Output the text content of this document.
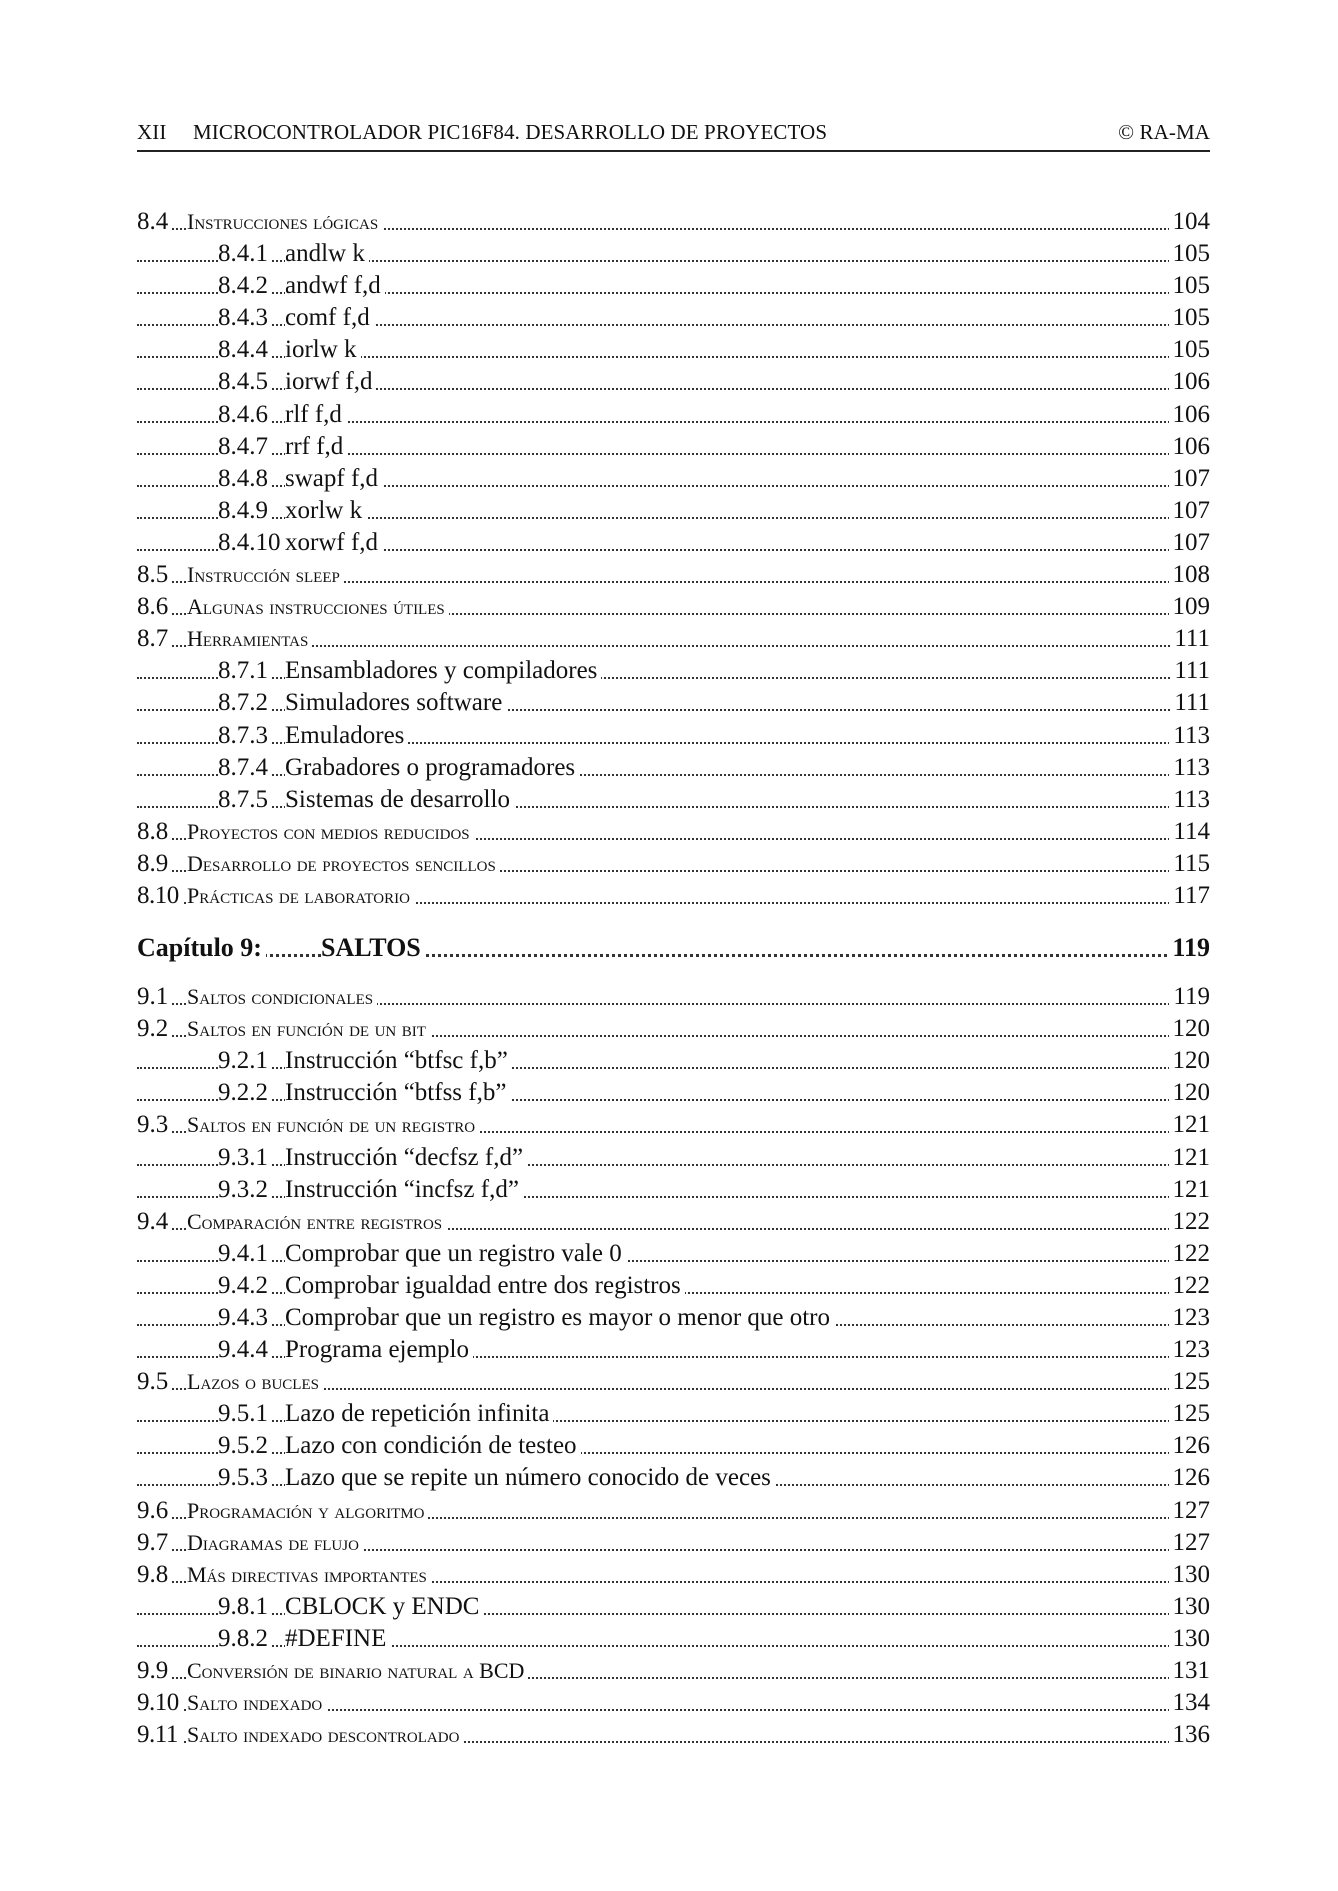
XII MICROCONTROLADOR PIC16F84. DESARROLLO DE PROYECTOS	© RA-MA
8.4 Instrucciones lógicas	104
8.4.1 andlw k	105
8.4.2 andwf f,d	105
8.4.3 comf f,d	105
8.4.4 iorlw k	105
8.4.5 iorwf f,d	106
8.4.6 rlf f,d	106
8.4.7 rrf f,d	106
8.4.8 swapf f,d	107
8.4.9 xorlw k	107
8.4.10 xorwf f,d	107
8.5 Instrucción sleep	108
8.6 Algunas instrucciones útiles	109
8.7 Herramientas	111
8.7.1 Ensambladores y compiladores	111
8.7.2 Simuladores software	111
8.7.3 Emuladores	113
8.7.4 Grabadores o programadores	113
8.7.5 Sistemas de desarrollo	113
8.8 Proyectos con medios reducidos	114
8.9 Desarrollo de proyectos sencillos	115
8.10 Prácticas de laboratorio	117
Capítulo 9: SALTOS	119
9.1 Saltos condicionales	119
9.2 Saltos en función de un bit	120
9.2.1 Instrucción “btfsc f,b”	120
9.2.2 Instrucción “btfss f,b”	120
9.3 Saltos en función de un registro	121
9.3.1 Instrucción “decfsz f,d”	121
9.3.2 Instrucción “incfsz f,d”	121
9.4 Comparación entre registros	122
9.4.1 Comprobar que un registro vale 0	122
9.4.2 Comprobar igualdad entre dos registros	122
9.4.3 Comprobar que un registro es mayor o menor que otro	123
9.4.4 Programa ejemplo	123
9.5 Lazos o bucles	125
9.5.1 Lazo de repetición infinita	125
9.5.2 Lazo con condición de testeo	126
9.5.3 Lazo que se repite un número conocido de veces	126
9.6 Programación y algoritmo	127
9.7 Diagramas de flujo	127
9.8 Más directivas importantes	130
9.8.1 CBLOCK y ENDC	130
9.8.2 #DEFINE	130
9.9 Conversión de binario natural a BCD	131
9.10 Salto indexado	134
9.11 Salto indexado descontrolado	136
